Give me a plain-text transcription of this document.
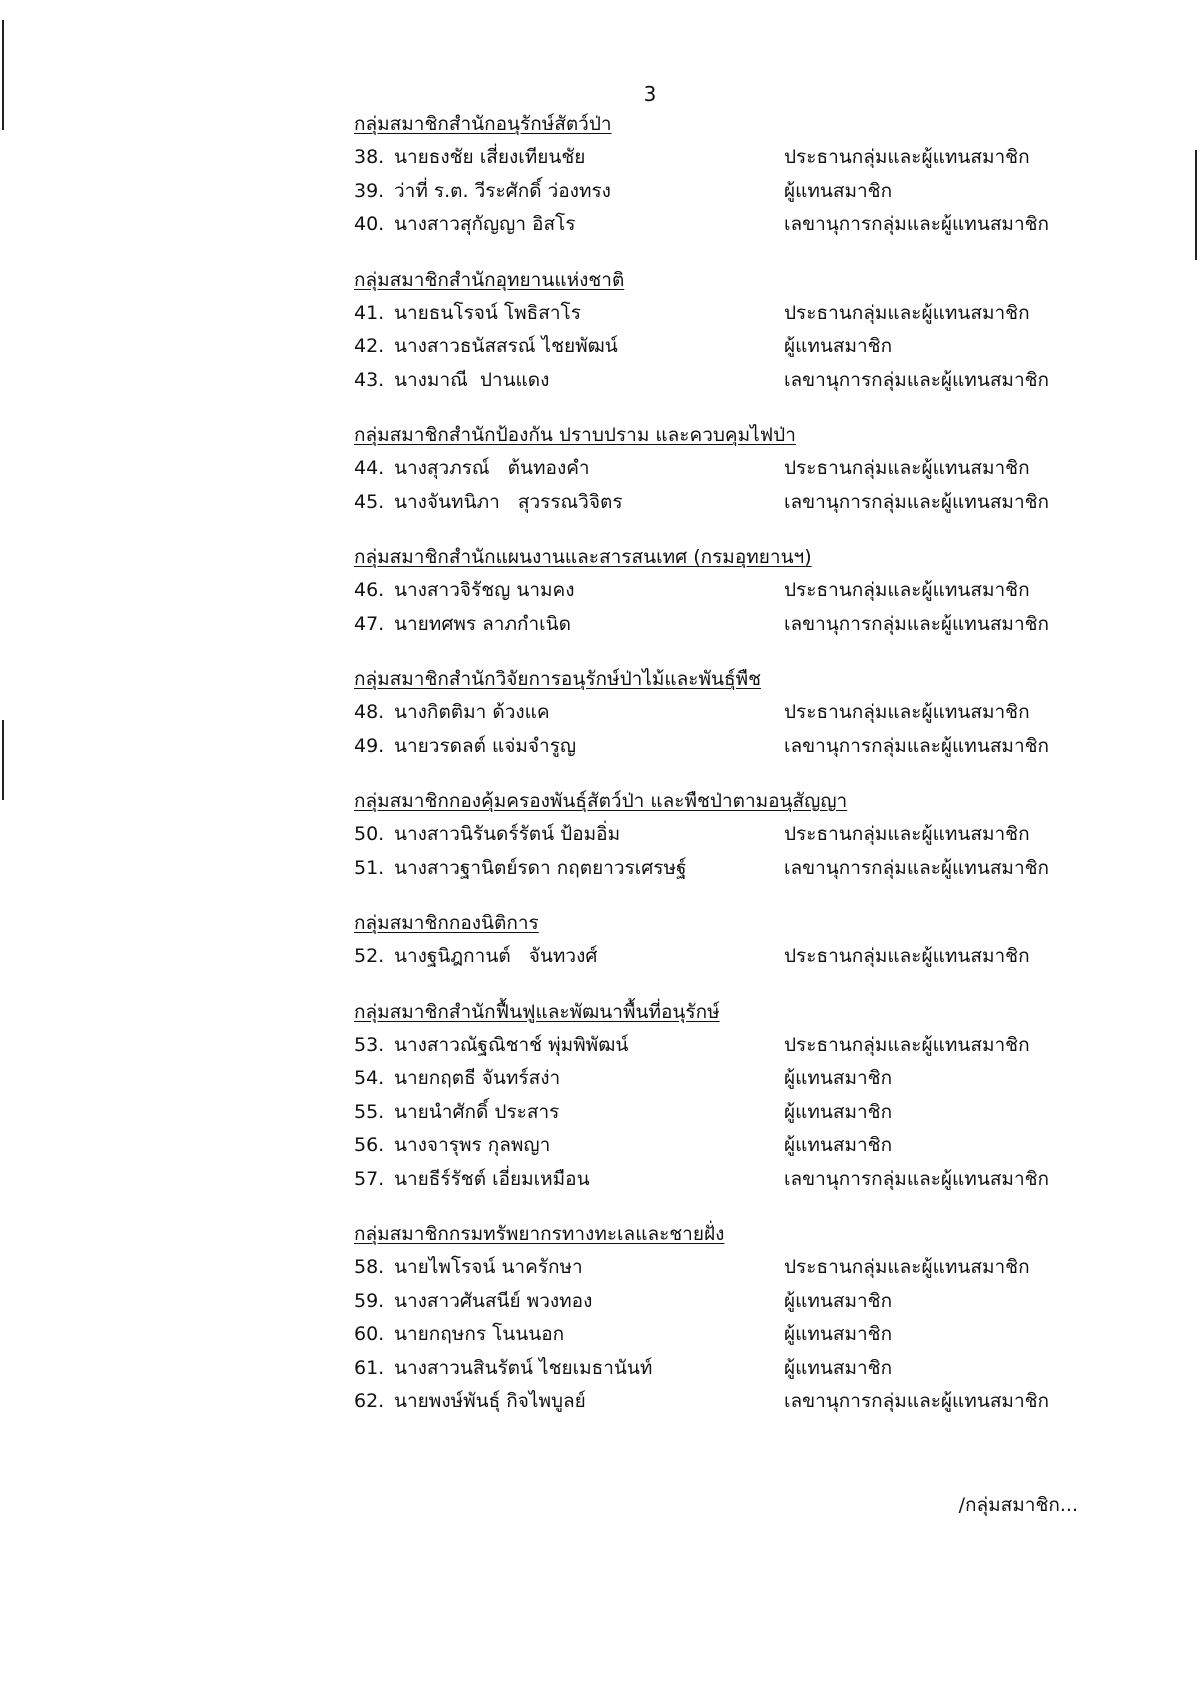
3
กลุ่มสมาชิกสำนักอนุรักษ์สัตว์ป่า
38. นายธงชัย เสี่ยงเทียนชัย	ประธานกลุ่มและผู้แทนสมาชิก
39. ว่าที่ ร.ต. วีระศักดิ์ ว่องทรง	ผู้แทนสมาชิก
40. นางสาวสุกัญญา อิสโร	เลขานุการกลุ่มและผู้แทนสมาชิก
กลุ่มสมาชิกสำนักอุทยานแห่งชาติ
41. นายธนโรจน์ โพธิสาโร	ประธานกลุ่มและผู้แทนสมาชิก
42. นางสาวธนัสสรณ์ ไชยพัฒน์	ผู้แทนสมาชิก
43. นางมาณี  ปานแดง	เลขานุการกลุ่มและผู้แทนสมาชิก
กลุ่มสมาชิกสำนักป้องกัน ปราบปราม และควบคุมไฟป่า
44. นางสุวภรณ์   ต้นทองคำ	ประธานกลุ่มและผู้แทนสมาชิก
45. นางจันทนิภา   สุวรรณวิจิตร	เลขานุการกลุ่มและผู้แทนสมาชิก
กลุ่มสมาชิกสำนักแผนงานและสารสนเทศ (กรมอุทยานฯ)
46. นางสาวจิรัชญ นามคง	ประธานกลุ่มและผู้แทนสมาชิก
47. นายทศพร ลาภกำเนิด	เลขานุการกลุ่มและผู้แทนสมาชิก
กลุ่มสมาชิกสำนักวิจัยการอนุรักษ์ป่าไม้และพันธุ์พืช
48. นางกิตติมา ด้วงแค	ประธานกลุ่มและผู้แทนสมาชิก
49. นายวรดลต์ แจ่มจำรูญ	เลขานุการกลุ่มและผู้แทนสมาชิก
กลุ่มสมาชิกกองคุ้มครองพันธุ์สัตว์ป่า และพืชป่าตามอนุสัญญา
50. นางสาวนิรันดร์รัตน์ ป้อมอิ่ม	ประธานกลุ่มและผู้แทนสมาชิก
51. นางสาวฐานิตย์รดา กฤตยาวรเศรษฐ์	เลขานุการกลุ่มและผู้แทนสมาชิก
กลุ่มสมาชิกกองนิติการ
52. นางฐนิฎกานต์   จันทวงศ์	ประธานกลุ่มและผู้แทนสมาชิก
กลุ่มสมาชิกสำนักฟื้นฟูและพัฒนาพื้นที่อนุรักษ์
53. นางสาวณัฐณิชาช์ พุ่มพิพัฒน์	ประธานกลุ่มและผู้แทนสมาชิก
54. นายกฤตธี จันทร์สง่า	ผู้แทนสมาชิก
55. นายนำศักดิ์ ประสาร	ผู้แทนสมาชิก
56. นางจารุพร กุลพญา	ผู้แทนสมาชิก
57. นายธีร์รัชต์ เอี่ยมเหมือน	เลขานุการกลุ่มและผู้แทนสมาชิก
กลุ่มสมาชิกกรมทรัพยากรทางทะเลและชายฝั่ง
58. นายไพโรจน์ นาครักษา	ประธานกลุ่มและผู้แทนสมาชิก
59. นางสาวศันสนีย์ พวงทอง	ผู้แทนสมาชิก
60. นายกฤษกร โนนนอก	ผู้แทนสมาชิก
61. นางสาวนสินรัตน์ ไชยเมธานันท์	ผู้แทนสมาชิก
62. นายพงษ์พันธุ์ กิจไพบูลย์	เลขานุการกลุ่มและผู้แทนสมาชิก
/กลุ่มสมาชิก...
